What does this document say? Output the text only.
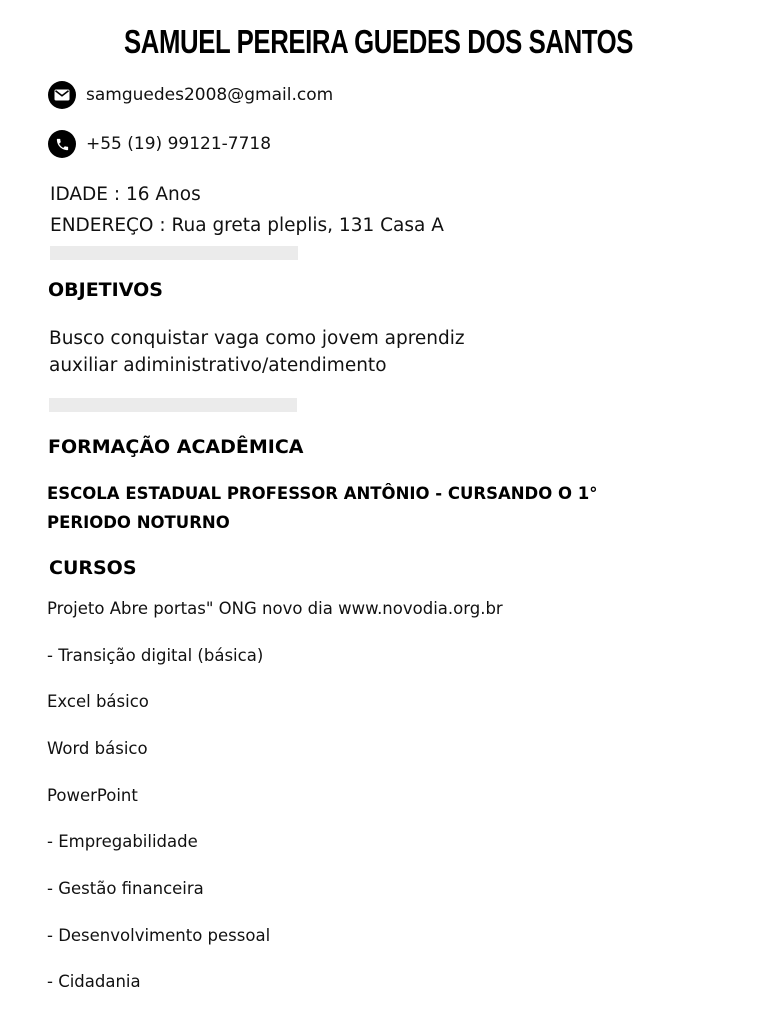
SAMUEL PEREIRA GUEDES DOS SANTOS
samguedes2008@gmail.com
+55 (19) 99121-7718
IDADE : 16 Anos
ENDEREÇO : Rua greta pleplis, 131 Casa A
OBJETIVOS
Busco conquistar vaga como jovem aprendiz
auxiliar adiministrativo/atendimento
FORMAÇÃO ACADÊMICA
ESCOLA ESTADUAL PROFESSOR ANTÔNIO - CURSANDO O 1°
PERIODO NOTURNO
CURSOS
Projeto Abre portas" ONG novo dia www.novodia.org.br
- Transição digital (básica)
Excel básico
Word básico
PowerPoint
- Empregabilidade
- Gestão financeira
- Desenvolvimento pessoal
- Cidadania
